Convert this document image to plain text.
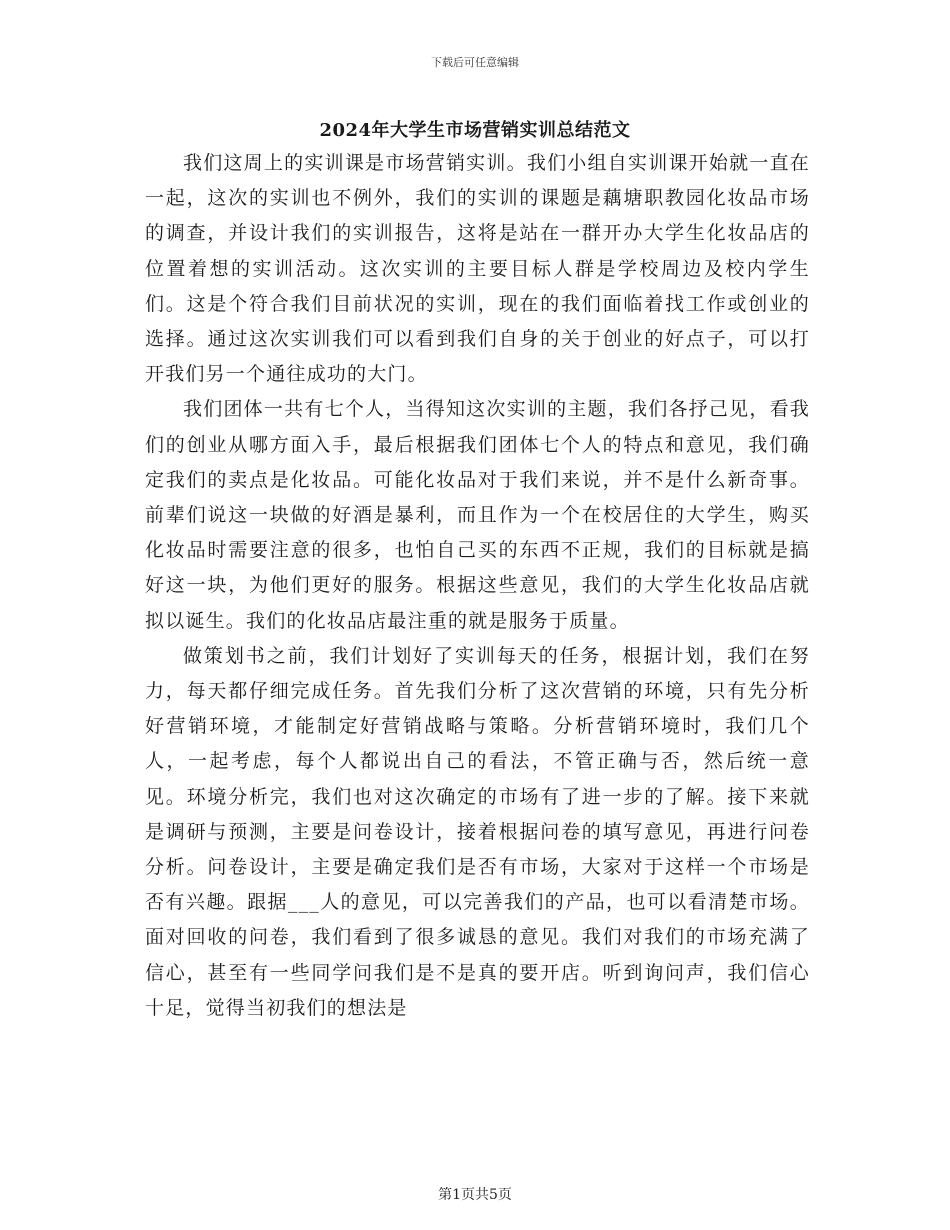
下载后可任意编辑
2024年大学生市场营销实训总结范文

我们这周上的实训课是市场营销实训。我们小组自实训课开始就一直在一起，这次的实训也不例外，我们的实训的课题是藕塘职教园化妆品市场的调查，并设计我们的实训报告，这将是站在一群开办大学生化妆品店的位置着想的实训活动。这次实训的主要目标人群是学校周边及校内学生们。这是个符合我们目前状况的实训，现在的我们面临着找工作或创业的选择。通过这次实训我们可以看到我们自身的关于创业的好点子，可以打开我们另一个通往成功的大门。

我们团体一共有七个人，当得知这次实训的主题，我们各抒己见，看我们的创业从哪方面入手，最后根据我们团体七个人的特点和意见，我们确定我们的卖点是化妆品。可能化妆品对于我们来说，并不是什么新奇事。前辈们说这一块做的好酒是暴利，而且作为一个在校居住的大学生，购买化妆品时需要注意的很多，也怕自己买的东西不正规，我们的目标就是搞好这一块，为他们更好的服务。根据这些意见，我们的大学生化妆品店就拟以诞生。我们的化妆品店最注重的就是服务于质量。

做策划书之前，我们计划好了实训每天的任务，根据计划，我们在努力，每天都仔细完成任务。首先我们分析了这次营销的环境，只有先分析好营销环境，才能制定好营销战略与策略。分析营销环境时，我们几个人，一起考虑，每个人都说出自己的看法，不管正确与否，然后统一意见。环境分析完，我们也对这次确定的市场有了进一步的了解。接下来就是调研与预测，主要是问卷设计，接着根据问卷的填写意见，再进行问卷分析。问卷设计，主要是确定我们是否有市场，大家对于这样一个市场是否有兴趣。跟据___人的意见，可以完善我们的产品，也可以看清楚市场。面对回收的问卷，我们看到了很多诚恳的意见。我们对我们的市场充满了信心，甚至有一些同学问我们是不是真的要开店。听到询问声，我们信心十足，觉得当初我们的想法是

第1页共5页
